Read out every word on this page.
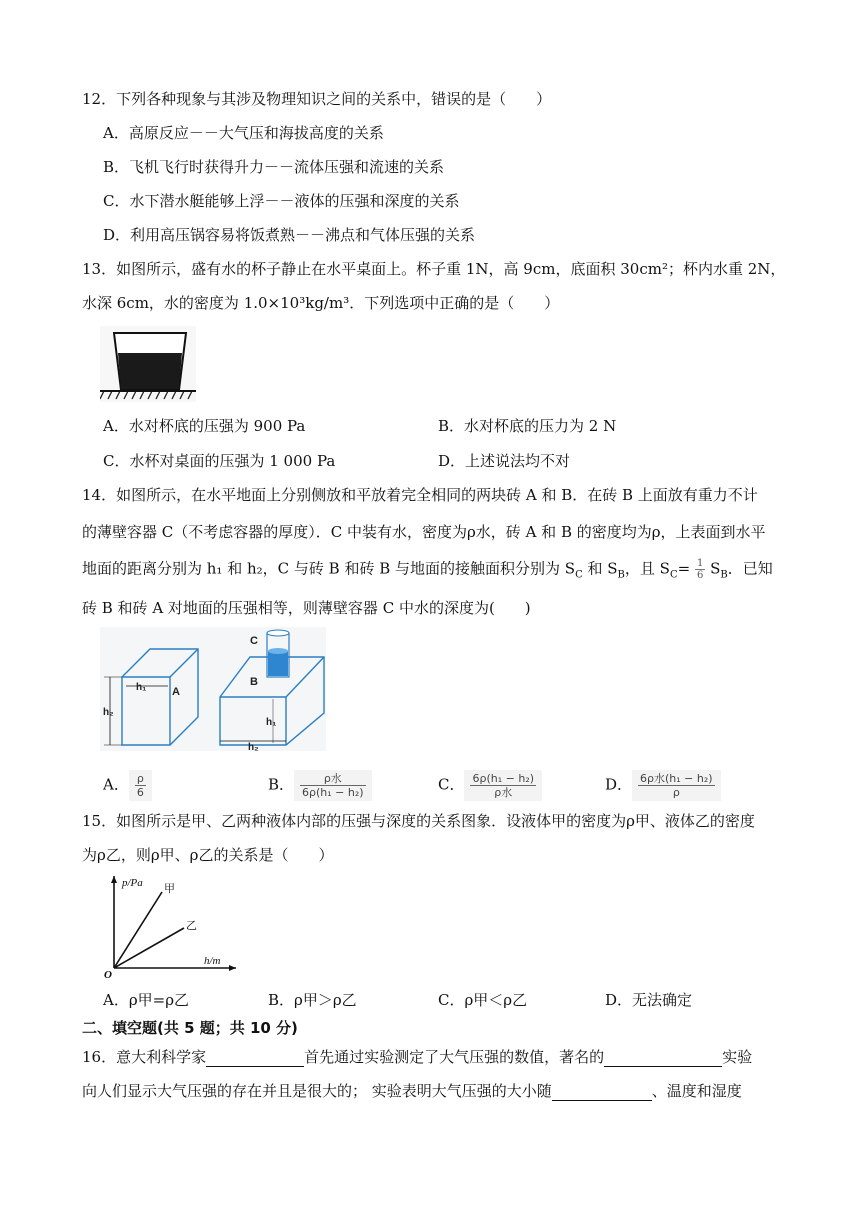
12．下列各种现象与其涉及物理知识之间的关系中，错误的是（　　）
A．高原反应－－大气压和海拔高度的关系
B．飞机飞行时获得升力－－流体压强和流速的关系
C．水下潜水艇能够上浮－－液体的压强和深度的关系
D．利用高压锅容易将饭煮熟－－沸点和气体压强的关系
13．如图所示，盛有水的杯子静止在水平桌面上。杯子重 1N，高 9cm，底面积 30cm²；杯内水重 2N，
水深 6cm，水的密度为 1.0×10³kg/m³．下列选项中正确的是（　　）
A．水对杯底的压强为 900 Pa	B．水对杯底的压力为 2 N
C．水杯对桌面的压强为 1 000 Pa	D．上述说法均不对
14．如图所示，在水平地面上分别侧放和平放着完全相同的两块砖 A 和 B．在砖 B 上面放有重力不计
的薄壁容器 C（不考虑容器的厚度）．C 中装有水，密度为ρ水，砖 A 和 B 的密度均为ρ，上表面到水平
地面的距离分别为 h₁ 和 h₂，C 与砖 B 和砖 B 与地面的接触面积分别为 $S_C$ 和 $S_B$，且 $S_C= \frac{1}{6} S_B$．已知
砖 B 和砖 A 对地面的压强相等，则薄壁容器 C 中水的深度为(　　)
A
h₁
h₂
B
h₁
h₂
C
A． $\frac{\rho}{6}$	B． $\frac{\text{ρ水}}{\text{6ρ(h₁ − h₂)}}$	C． $\frac{\text{6ρ(h₁ − h₂)}}{\text{ρ水}}$	D． $\frac{\text{6ρ水(h₁ − h₂)}}{\rho}$
15．如图所示是甲、乙两种液体内部的压强与深度的关系图象．设液体甲的密度为ρ甲、液体乙的密度
为ρ乙，则ρ甲、ρ乙的关系是（　　）
p/Pa 甲
乙
h/m
O
A．ρ甲=ρ乙	B．ρ甲＞ρ乙	C．ρ甲＜ρ乙	D．无法确定
二、填空题(共 5 题；共 10 分)
16．意大利科学家	首先通过实验测定了大气压强的数值，著名的	实验
向人们显示大气压强的存在并且是很大的； 实验表明大气压强的大小随	、温度和湿度
